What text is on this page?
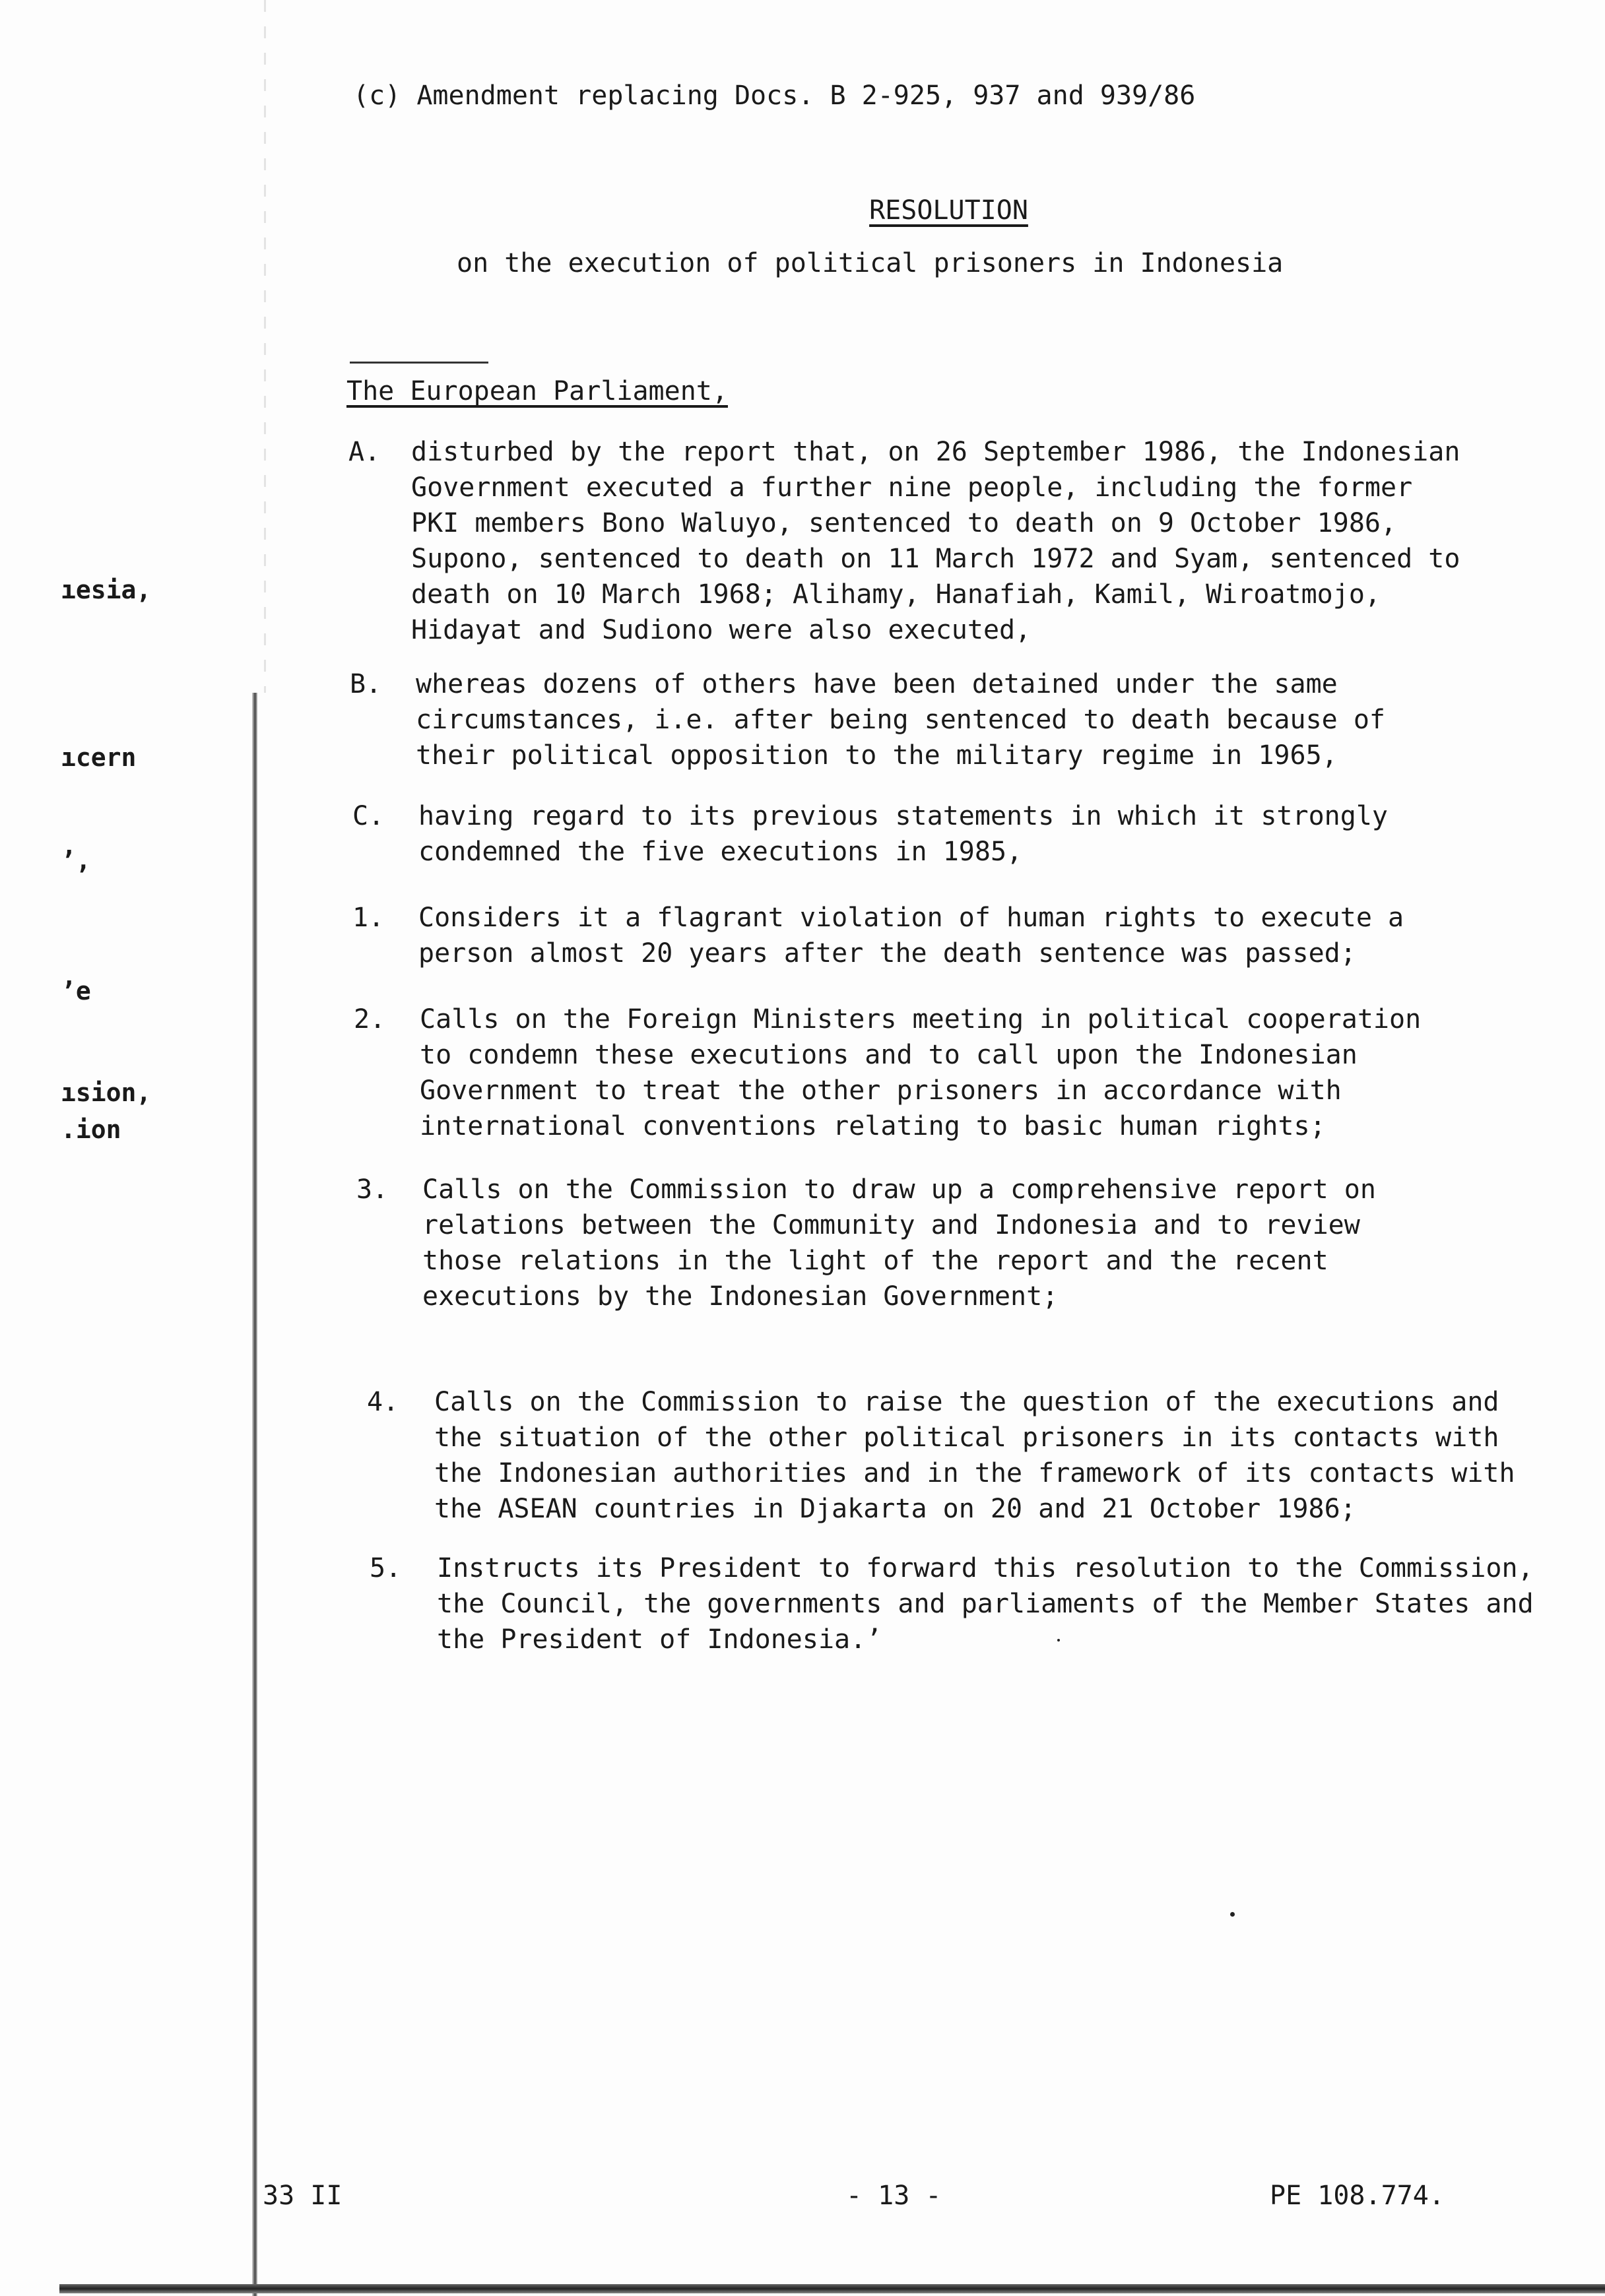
ıesia,
ıcern
’,
’e
ısion,
.ion
(c) Amendment replacing Docs. B 2-925, 937 and 939/86
RESOLUTION
on the execution of political prisoners in Indonesia
The European Parliament,
A. disturbed by the report that, on 26 September 1986, the Indonesian
Government executed a further nine people, including the former
PKI members Bono Waluyo, sentenced to death on 9 October 1986,
Supono, sentenced to death on 11 March 1972 and Syam, sentenced to
death on 10 March 1968; Alihamy, Hanafiah, Kamil, Wiroatmojo,
Hidayat and Sudiono were also executed,
B. whereas dozens of others have been detained under the same
circumstances, i.e. after being sentenced to death because of
their political opposition to the military regime in 1965,
C. having regard to its previous statements in which it strongly
condemned the five executions in 1985,
1. Considers it a flagrant violation of human rights to execute a
person almost 20 years after the death sentence was passed;
2. Calls on the Foreign Ministers meeting in political cooperation
to condemn these executions and to call upon the Indonesian
Government to treat the other prisoners in accordance with
international conventions relating to basic human rights;
3. Calls on the Commission to draw up a comprehensive report on
relations between the Community and Indonesia and to review
those relations in the light of the report and the recent
executions by the Indonesian Government;
4. Calls on the Commission to raise the question of the executions and
the situation of the other political prisoners in its contacts with
the Indonesian authorities and in the framework of its contacts with
the ASEAN countries in Djakarta on 20 and 21 October 1986;
5. Instructs its President to forward this resolution to the Commission,
the Council, the governments and parliaments of the Member States and
the President of Indonesia.’
33 II	- 13 -	PE 108.774.
